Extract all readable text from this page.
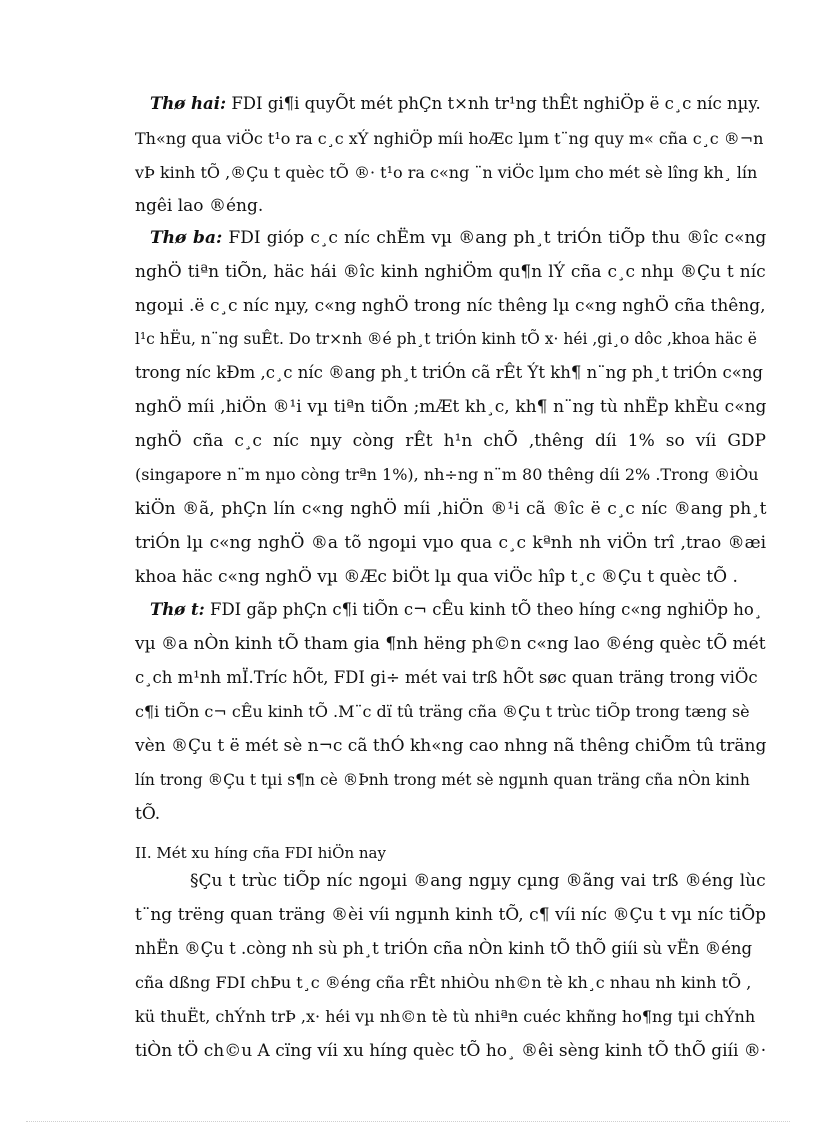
Thø hai: FDI gi¶i quyÕt mét phÇn t×nh tr¹ng thÊt nghiÖp ë c¸c níc nµy.
Th«ng qua viÖc t¹o ra c¸c xÝ nghiÖp míi hoÆc lµm t¨ng quy m« cña c¸c ®¬n
vÞ kinh tÕ ,®Çu t quèc tÕ ®· t¹o ra c«ng ¨n viÖc lµm cho mét sè lîng kh¸ lín
ngêi lao ®éng.
Thø ba: FDI gióp c¸c níc chËm vµ ®ang ph¸t triÓn tiÕp thu ®îc c«ng
nghÖ tiªn tiÕn, häc hái ®îc kinh nghiÖm qu¶n lÝ cña c¸c nhµ ®Çu t níc
ngoµi .ë c¸c níc nµy, c«ng nghÖ trong níc thêng lµ c«ng nghÖ cña thêng,
l¹c hËu, n¨ng suÊt. Do tr×nh ®é ph¸t triÓn kinh tÕ x· héi ,gi¸o dôc ,khoa häc ë
trong níc kÐm ,c¸c níc ®ang ph¸t triÓn cã rÊt Ýt kh¶ n¨ng ph¸t triÓn c«ng
nghÖ míi ,hiÖn ®¹i vµ tiªn tiÕn ;mÆt kh¸c, kh¶ n¨ng tù nhËp khÈu c«ng
nghÖ cña c¸c níc nµy còng rÊt h¹n chÕ ,thêng díi 1% so víi GDP
(singapore n¨m nµo còng trªn 1%), nh÷ng n¨m 80 thêng díi 2% .Trong ®iÒu
kiÖn ®ã, phÇn lín c«ng nghÖ míi ,hiÖn ®¹i cã ®îc ë c¸c níc ®ang ph¸t
triÓn lµ c«ng nghÖ ®a tõ ngoµi vµo qua c¸c kªnh nh viÖn trî ,trao ®æi
khoa häc c«ng nghÖ vµ ®Æc biÖt lµ qua viÖc hîp t¸c ®Çu t quèc tÕ .
Thø t: FDI gãp phÇn c¶i tiÕn c¬ cÊu kinh tÕ theo híng c«ng nghiÖp ho¸
vµ ®a nÒn kinh tÕ tham gia ¶nh hëng ph©n c«ng lao ®éng quèc tÕ mét
c¸ch m¹nh mÏ.Tríc hÕt, FDI gi÷ mét vai trß hÕt søc quan träng trong viÖc
c¶i tiÕn c¬ cÊu kinh tÕ .M¨c dï tû träng cña ®Çu t trùc tiÕp trong tæng sè
vèn ®Çu t ë mét sè n¬c cã thÓ kh«ng cao nhng nã thêng chiÕm tû träng
lín trong ®Çu t tµi s¶n cè ®Þnh trong mét sè ngµnh quan träng cña nÒn kinh
tÕ.
II. Mét xu híng cña FDI hiÖn nay
§Çu t trùc tiÕp níc ngoµi ®ang ngµy cµng ®ãng vai trß ®éng lùc
t¨ng trëng quan träng ®èi víi ngµnh kinh tÕ, c¶ víi níc ®Çu t vµ níc tiÕp
nhËn ®Çu t .còng nh sù ph¸t triÓn cña nÒn kinh tÕ thÕ giíi sù vËn ®éng
cña dßng FDI chÞu t¸c ®éng cña rÊt nhiÒu nh©n tè kh¸c nhau nh kinh tÕ ,
kü thuËt, chÝnh trÞ ,x· héi vµ nh©n tè tù nhiªn cuéc khñng ho¶ng tµi chÝnh
tiÒn tÖ ch©u A cïng víi xu híng quèc tÕ ho¸ ®êi sèng kinh tÕ thÕ giíi ®·
